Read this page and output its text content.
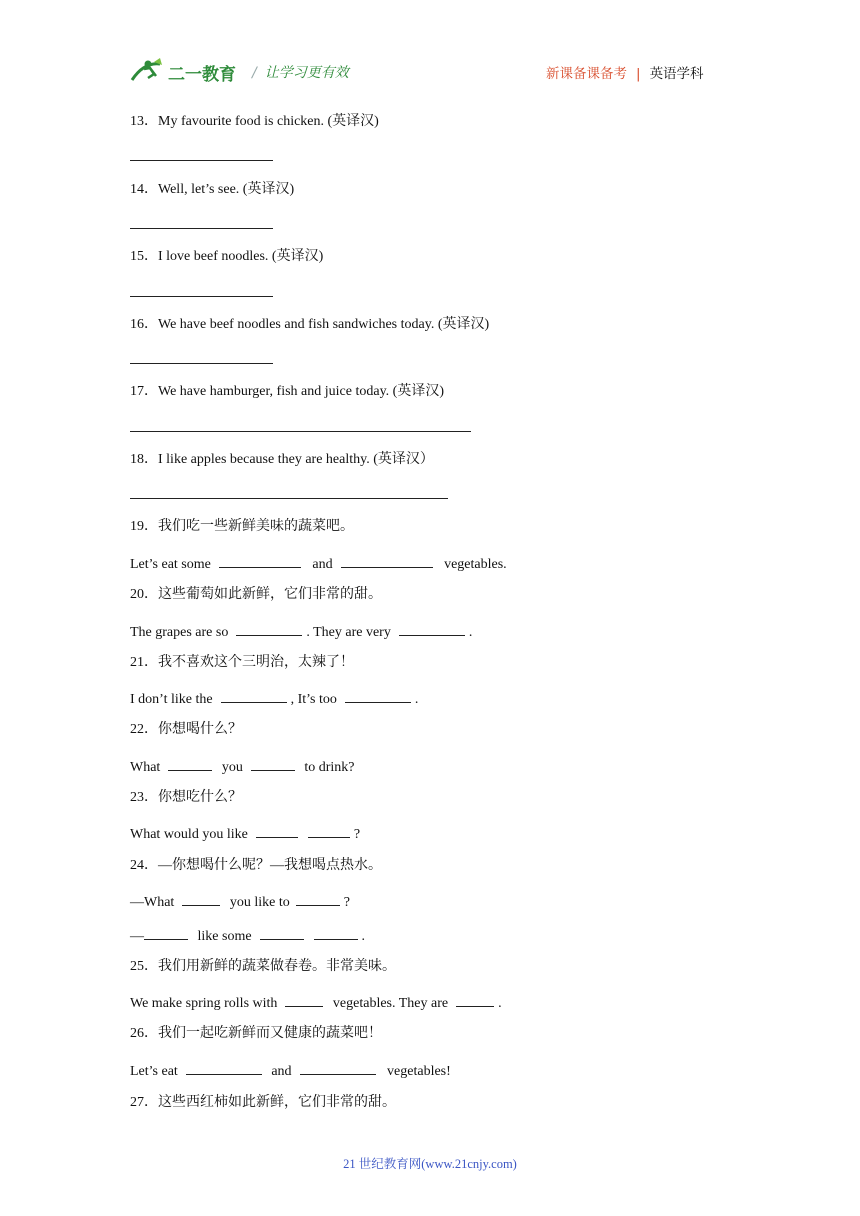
二一教育 / 让学习更有效	新课备课备考 | 英语学科
13．My favourite food is chicken. (英译汉)
14．Well, let’s see. (英译汉)
15．I love beef noodles. (英译汉)
16．We have beef noodles and fish sandwiches today. (英译汉)
17．We have hamburger, fish and juice today. (英译汉)
18．I like apples because they are healthy. (英译汉）
19．我们吃一些新鲜美味的蔬菜吧。
Let’s eat some	and	vegetables.
20．这些葡萄如此新鲜，它们非常的甜。
The grapes are so	. They are very	.
21．我不喜欢这个三明治，太辣了！
I don’t like the	, It’s too	.
22．你想喝什么？
What	you	to drink?
23．你想吃什么？
What would you like	?
24．—你想喝什么呢？—我想喝点热水。
—What	you like to	?
—	like some	.
25．我们用新鲜的蔬菜做春卷。非常美味。
We make spring rolls with	vegetables. They are	.
26．我们一起吃新鲜而又健康的蔬菜吧！
Let’s eat	and	vegetables!
27．这些西红柿如此新鲜，它们非常的甜。
21 世纪教育网(www.21cnjy.com)
